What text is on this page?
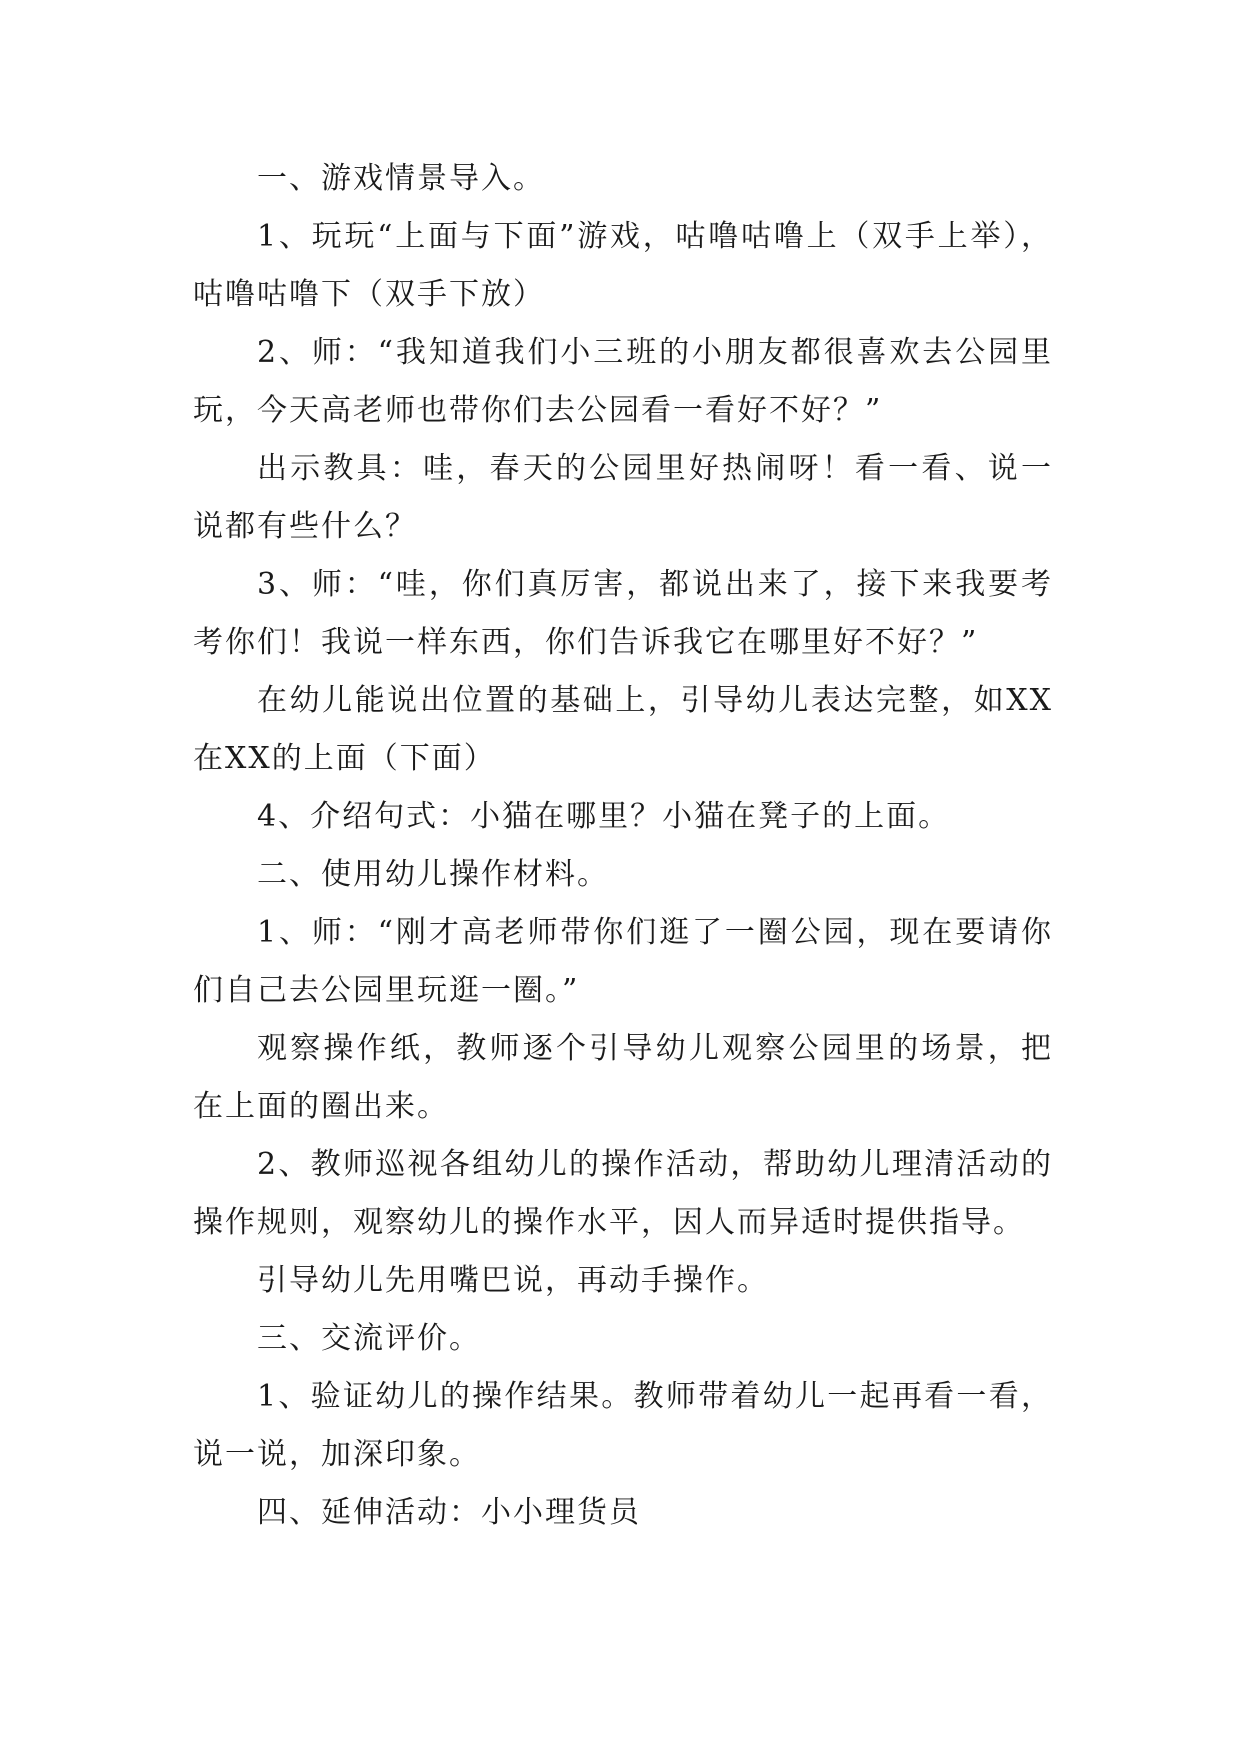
一、游戏情景导入。

1、玩玩“上面与下面”游戏，咕噜咕噜上（双手上举），咕噜咕噜下（双手下放）

2、师：“我知道我们小三班的小朋友都很喜欢去公园里玩，今天高老师也带你们去公园看一看好不好？”

出示教具：哇，春天的公园里好热闹呀！看一看、说一说都有些什么？

3、师：“哇，你们真厉害，都说出来了，接下来我要考考你们！我说一样东西，你们告诉我它在哪里好不好？”

在幼儿能说出位置的基础上，引导幼儿表达完整，如XX在XX的上面（下面）

4、介绍句式：小猫在哪里？小猫在凳子的上面。

二、使用幼儿操作材料。

1、师：“刚才高老师带你们逛了一圈公园，现在要请你们自己去公园里玩逛一圈。”

观察操作纸，教师逐个引导幼儿观察公园里的场景，把在上面的圈出来。

2、教师巡视各组幼儿的操作活动，帮助幼儿理清活动的操作规则，观察幼儿的操作水平，因人而异适时提供指导。

引导幼儿先用嘴巴说，再动手操作。

三、交流评价。

1、验证幼儿的操作结果。教师带着幼儿一起再看一看，说一说，加深印象。

四、延伸活动：小小理货员
